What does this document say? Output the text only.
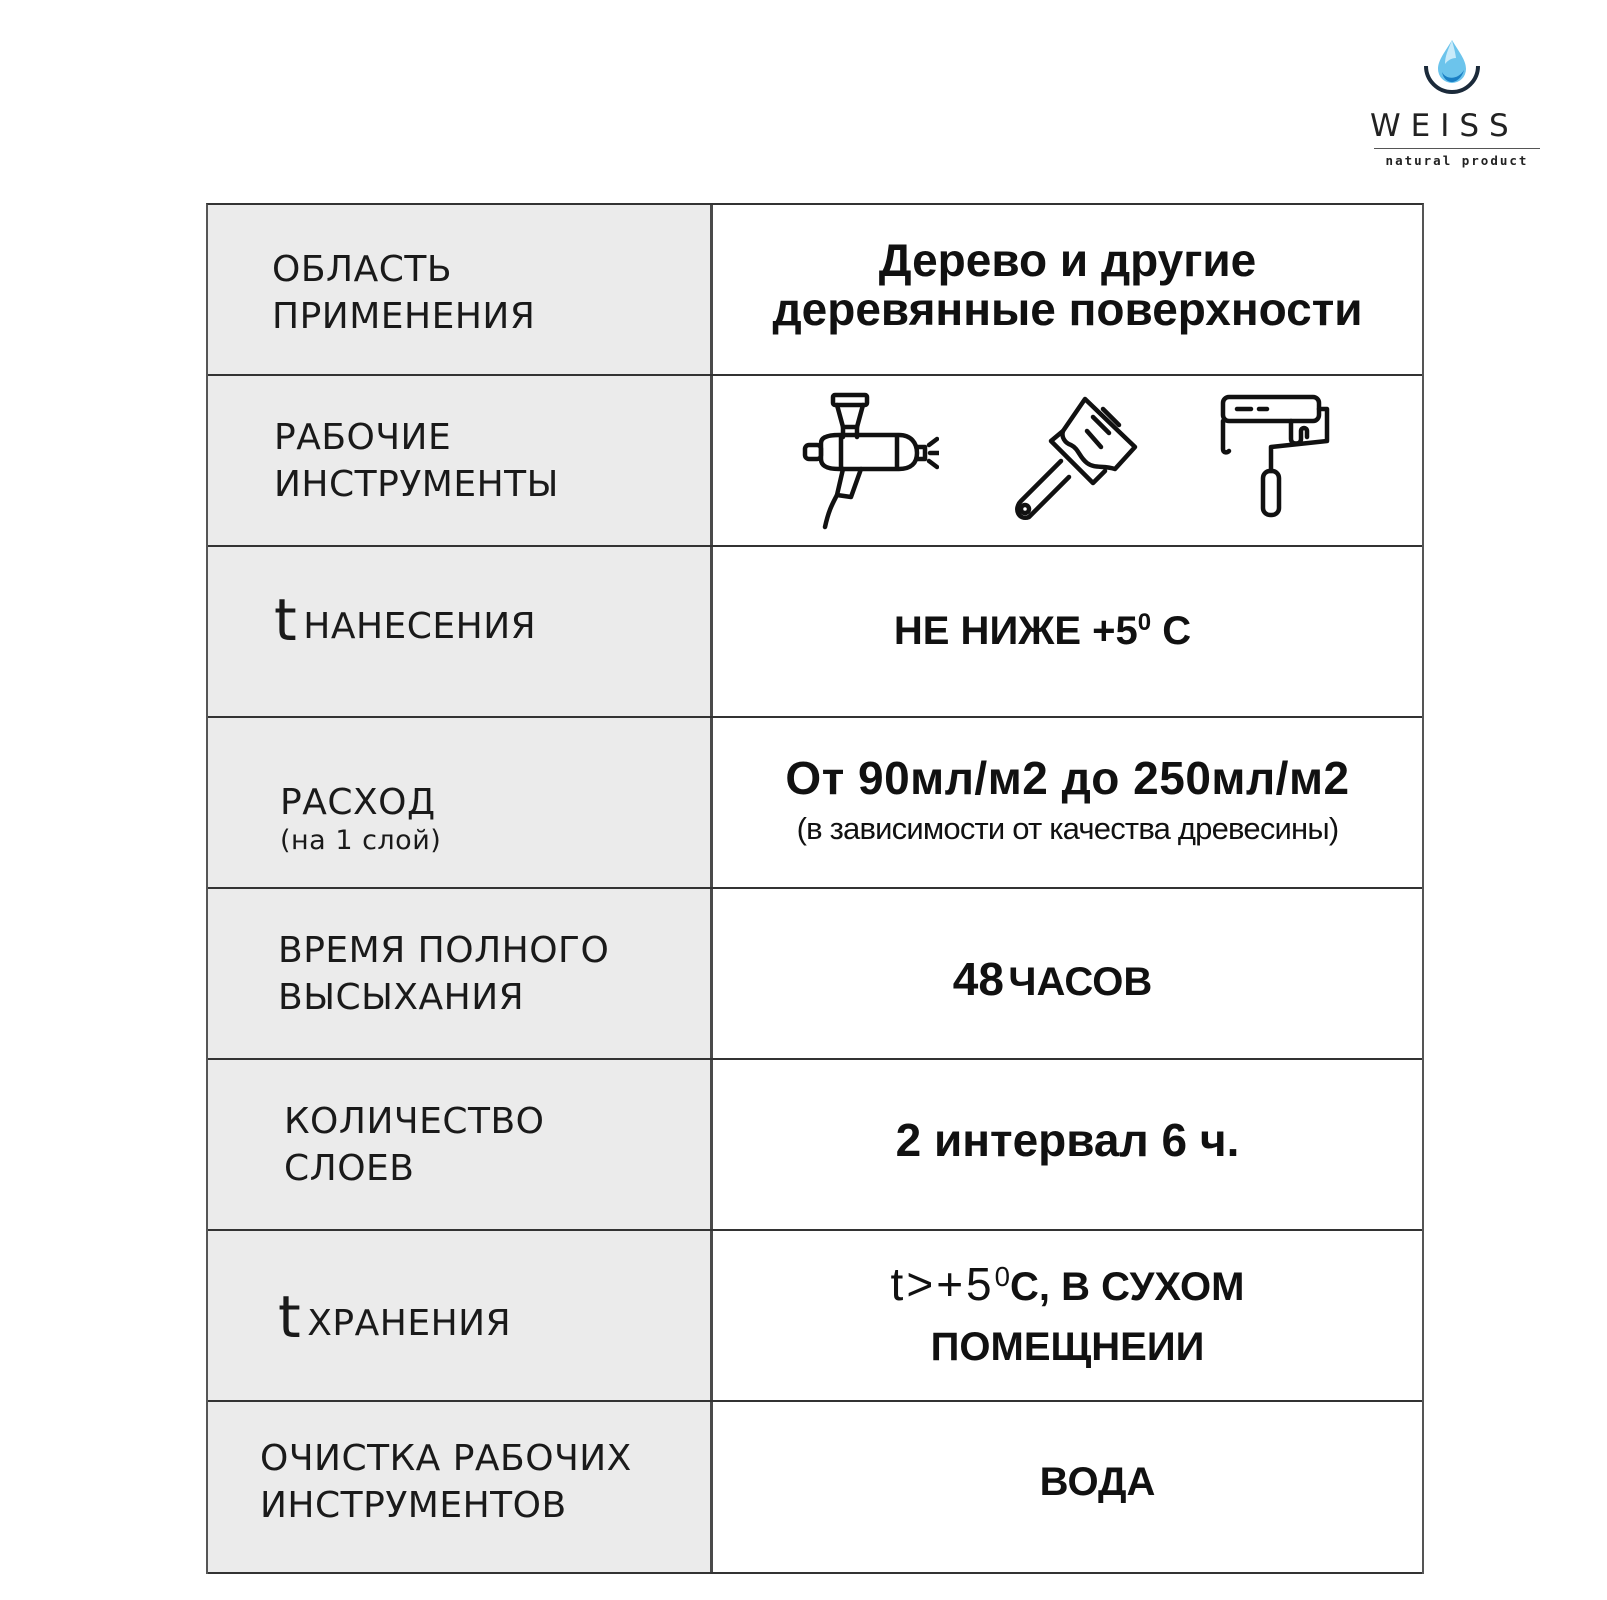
WEISS
natural product
ОБЛАСТЬ
ПРИМЕНЕНИЯ
Дерево и другие
деревянные поверхности
РАБОЧИЕ
ИНСТРУМЕНТЫ
tНАНЕСЕНИЯ	НЕ НИЖЕ $+5^0$ C
РАСХОД
(на 1 слой)
От 90мл/м2 до 250мл/м2
(в зависимости от качества древесины)
ВРЕМЯ ПОЛНОГО
ВЫСЫХАНИЯ	48 ЧАСОВ
КОЛИЧЕСТВО
СЛОЕВ
2 интервал 6 ч.
tХРАНЕНИЯ
$t>+5^0C$, В СУХОМ
ПОМЕЩНЕИИ
ОЧИСТКА РАБОЧИХ
ИНСТРУМЕНТОВ
ВОДА
